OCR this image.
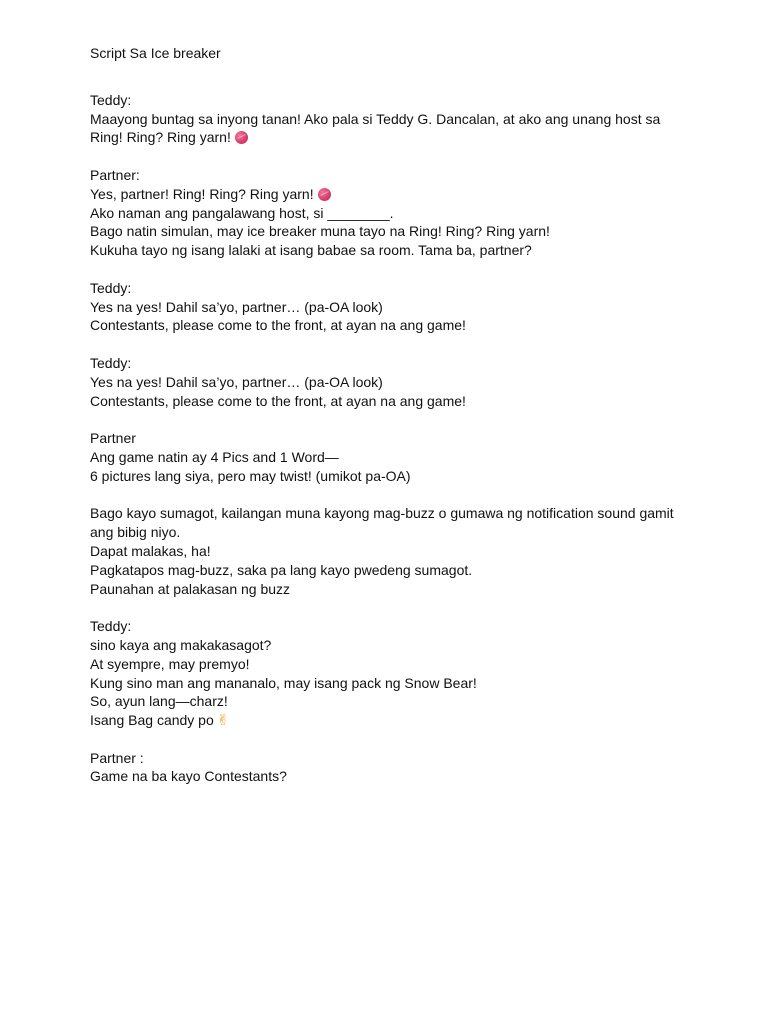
Script Sa Ice breaker
Teddy:
Maayong buntag sa inyong tanan! Ako pala si Teddy G. Dancalan, at ako ang unang host sa
Ring! Ring? Ring yarn!
Partner:
Yes, partner! Ring! Ring? Ring yarn!
Ako naman ang pangalawang host, si ________.
Bago natin simulan, may ice breaker muna tayo na Ring! Ring? Ring yarn!
Kukuha tayo ng isang lalaki at isang babae sa room. Tama ba, partner?
Teddy:
Yes na yes! Dahil sa’yo, partner… (pa-OA look)
Contestants, please come to the front, at ayan na ang game!
Teddy:
Yes na yes! Dahil sa’yo, partner… (pa-OA look)
Contestants, please come to the front, at ayan na ang game!
Partner
Ang game natin ay 4 Pics and 1 Word—
6 pictures lang siya, pero may twist! (umikot pa-OA)
Bago kayo sumagot, kailangan muna kayong mag-buzz o gumawa ng notification sound gamit
ang bibig niyo.
Dapat malakas, ha!
Pagkatapos mag-buzz, saka pa lang kayo pwedeng sumagot.
Paunahan at palakasan ng buzz
Teddy:
sino kaya ang makakasagot?
At syempre, may premyo!
Kung sino man ang mananalo, may isang pack ng Snow Bear!
So, ayun lang—charz!
Isang Bag candy po ✌
Partner :
Game na ba kayo Contestants?
